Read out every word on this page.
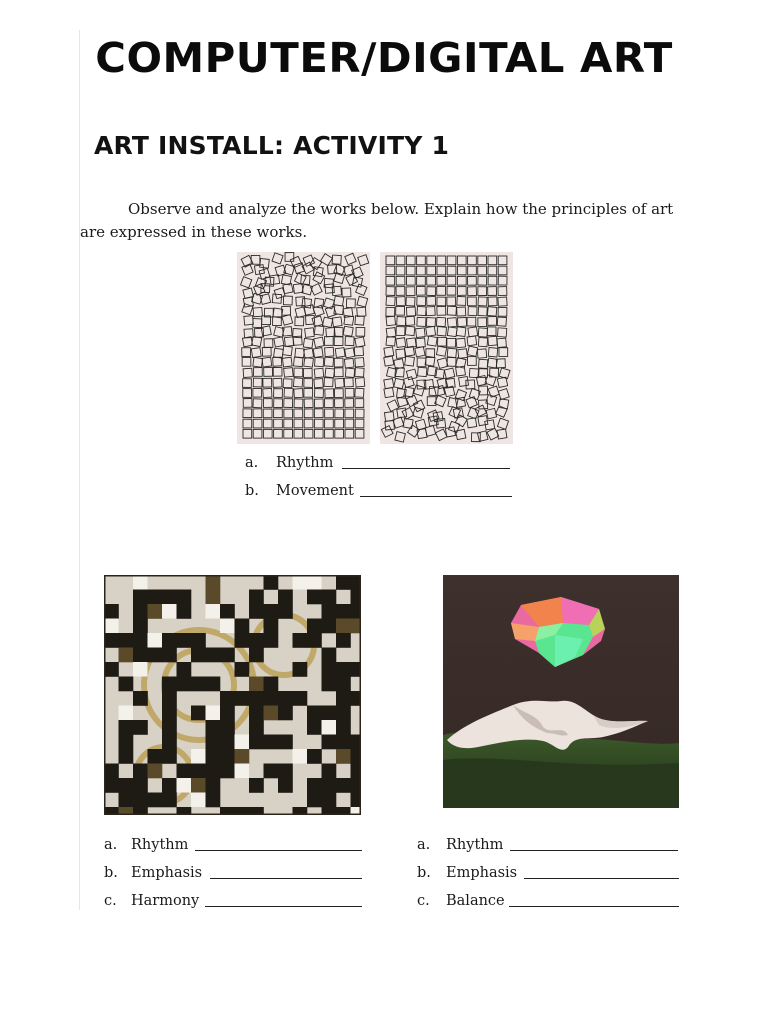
COMPUTER/DIGITAL ART
ART INSTALL: ACTIVITY 1
Observe and analyze the works below. Explain how the principles of art
are expressed in these works.
a. Rhythm
b. Movement
a. Rhythm
b. Emphasis
c. Harmony
a. Rhythm
b. Emphasis
c. Balance
